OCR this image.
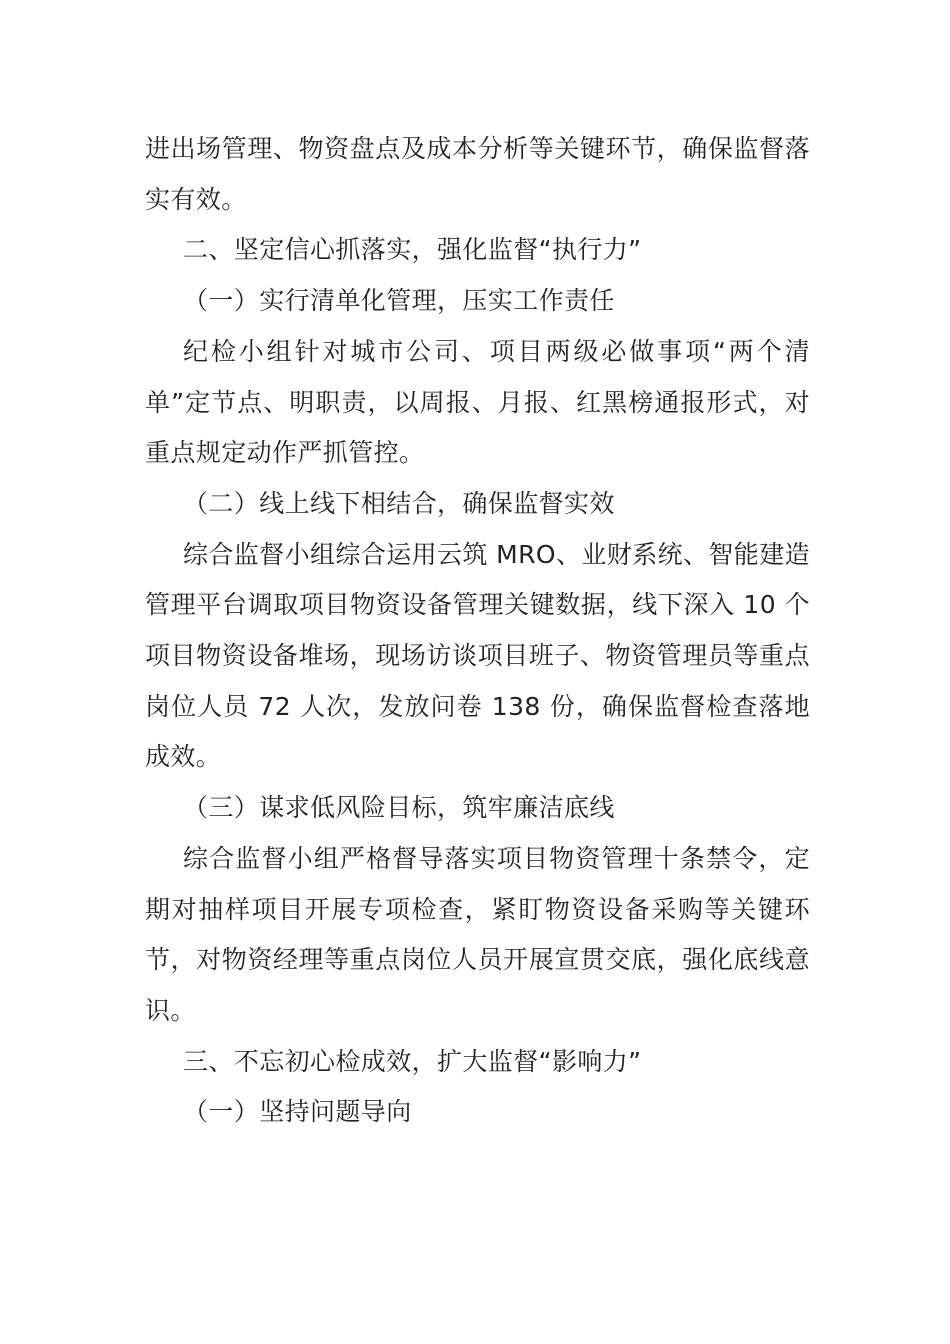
进出场管理、物资盘点及成本分析等关键环节，确保监督落实有效。

二、坚定信心抓落实，强化监督“执行力”

（一）实行清单化管理，压实工作责任

纪检小组针对城市公司、项目两级必做事项“两个清单”定节点、明职责，以周报、月报、红黑榜通报形式，对重点规定动作严抓管控。

（二）线上线下相结合，确保监督实效

综合监督小组综合运用云筑 MRO、业财系统、智能建造管理平台调取项目物资设备管理关键数据，线下深入 10 个项目物资设备堆场，现场访谈项目班子、物资管理员等重点岗位人员 72 人次，发放问卷 138 份，确保监督检查落地成效。

（三）谋求低风险目标，筑牢廉洁底线

综合监督小组严格督导落实项目物资管理十条禁令，定期对抽样项目开展专项检查，紧盯物资设备采购等关键环节，对物资经理等重点岗位人员开展宣贯交底，强化底线意识。

三、不忘初心检成效，扩大监督“影响力”

（一）坚持问题导向
